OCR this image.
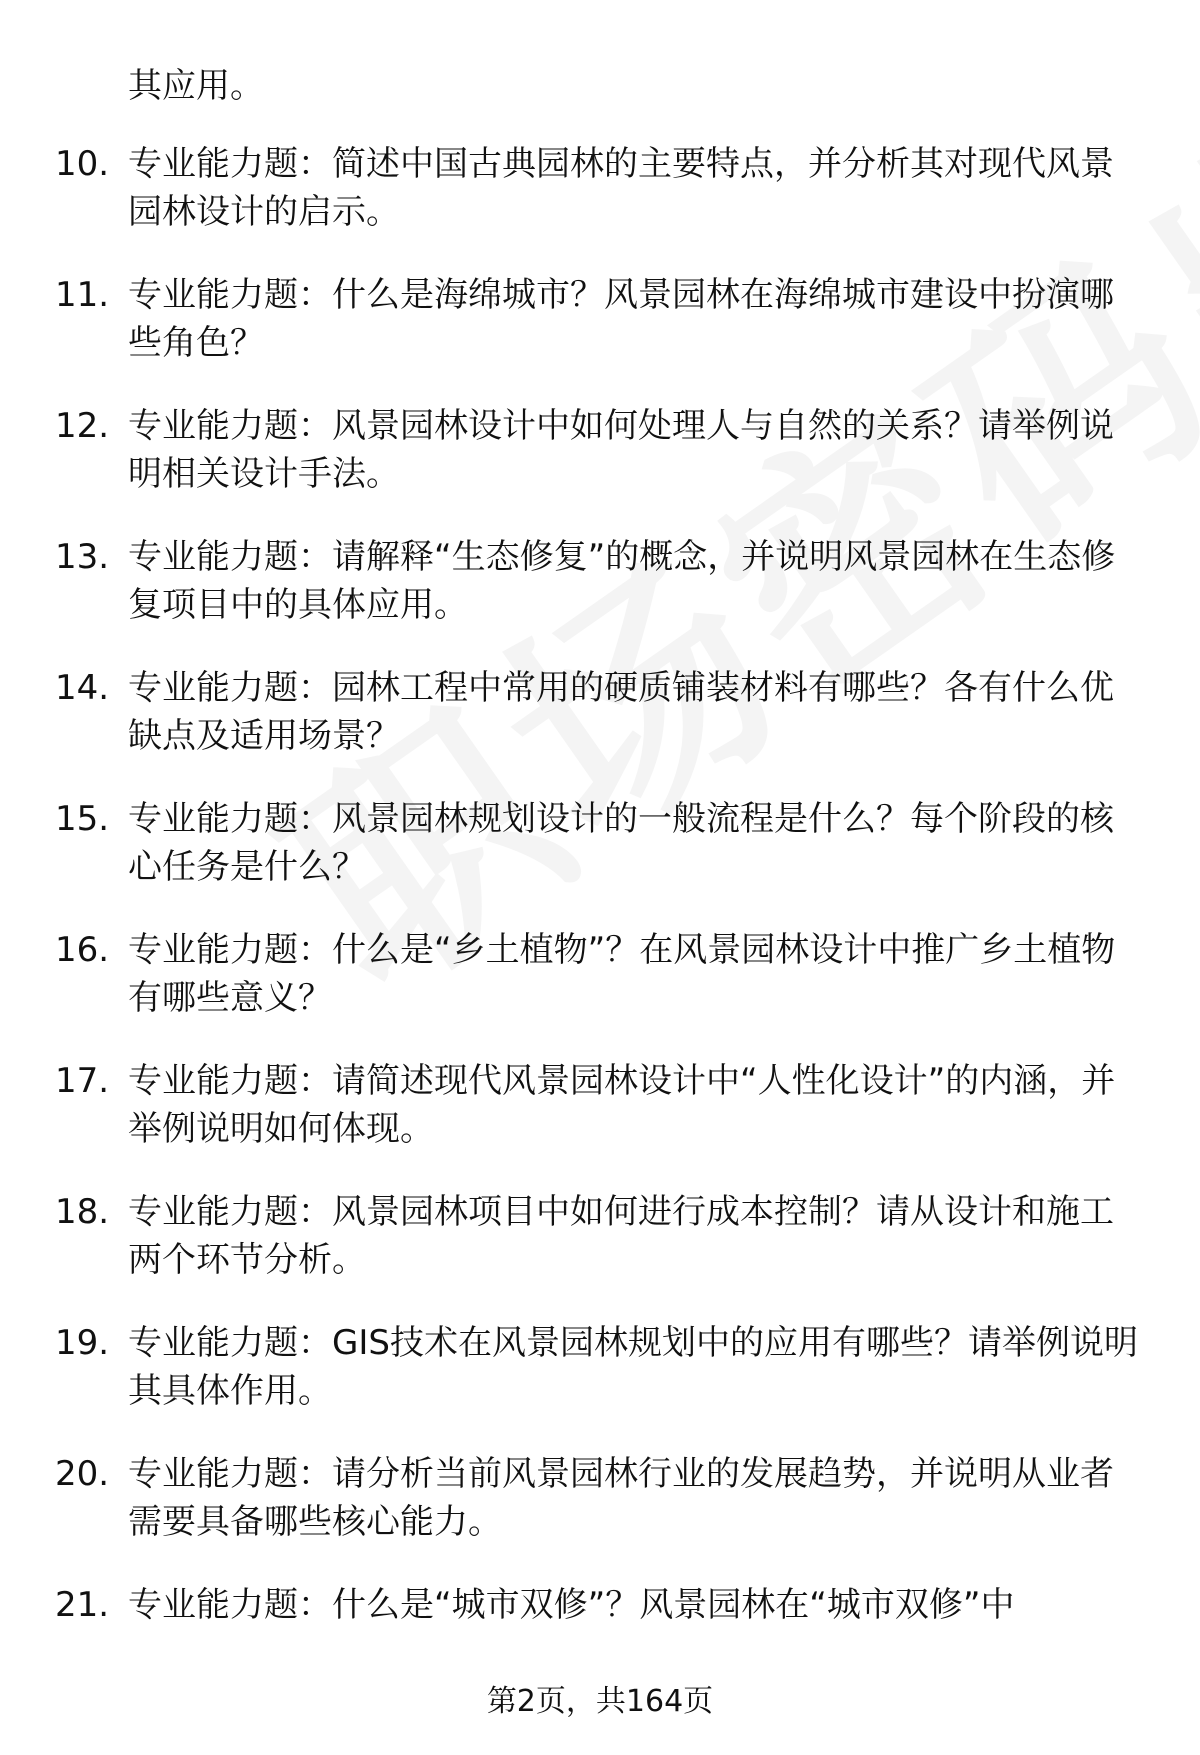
其应用。
10. 专业能力题：简述中国古典园林的主要特点，并分析其对现代风景园林设计的启示。
11. 专业能力题：什么是海绵城市？风景园林在海绵城市建设中扮演哪些角色？
12. 专业能力题：风景园林设计中如何处理人与自然的关系？请举例说明相关设计手法。
13. 专业能力题：请解释“生态修复”的概念，并说明风景园林在生态修复项目中的具体应用。
14. 专业能力题：园林工程中常用的硬质铺装材料有哪些？各有什么优缺点及适用场景？
15. 专业能力题：风景园林规划设计的一般流程是什么？每个阶段的核心任务是什么？
16. 专业能力题：什么是“乡土植物”？在风景园林设计中推广乡土植物有哪些意义？
17. 专业能力题：请简述现代风景园林设计中“人性化设计”的内涵，并举例说明如何体现。
18. 专业能力题：风景园林项目中如何进行成本控制？请从设计和施工两个环节分析。
19. 专业能力题：GIS技术在风景园林规划中的应用有哪些？请举例说明其具体作用。
20. 专业能力题：请分析当前风景园林行业的发展趋势，并说明从业者需要具备哪些核心能力。
21. 专业能力题：什么是“城市双修”？风景园林在“城市双修”中
第2页，共164页
